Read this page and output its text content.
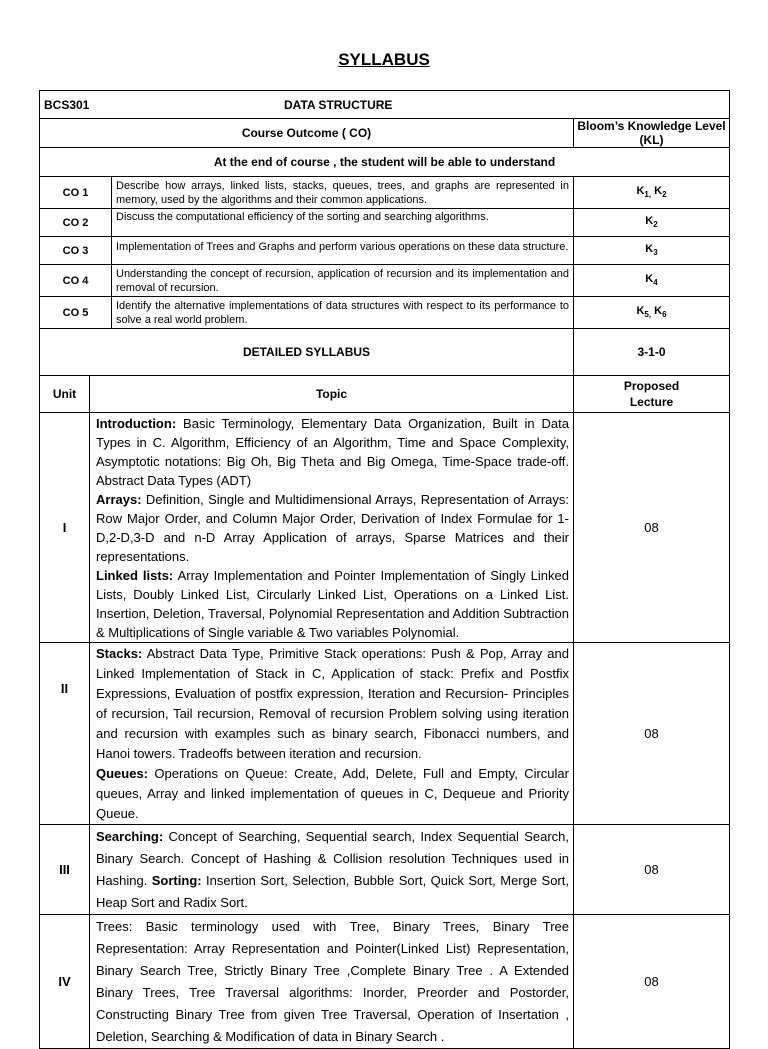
SYLLABUS
BCS301 DATA STRUCTURE			

Course Outcome ( CO)			Bloom’s Knowledge Level (KL)
At the end of course , the student will be able to understand			
CO 1		Describe how arrays, linked lists, stacks, queues, trees, and graphs are represented in memory, used by the algorithms and their common applications.	$K_{1,}$ $K_2$
CO 2		Discuss the computational efficiency of the sorting and searching algorithms.	$K_2$
CO 3		Implementation of Trees and Graphs and perform various operations on these data structure.	$K_3$
CO 4		Understanding the concept of recursion, application of recursion and its implementation and removal of recursion.	$K_4$
CO 5		Identify the alternative implementations of data structures with respect to its performance to solve a real world problem.	$K_{5,}$ $K_6$
DETAILED SYLLABUS			3-1-0
Unit	Topic		Proposed Lecture
I	Introduction: Basic Terminology, Elementary Data Organization, Built in Data Types in C. Algorithm, Efficiency of an Algorithm, Time and Space Complexity, Asymptotic notations: Big Oh, Big Theta and Big Omega, Time-Space trade-off. Abstract Data Types (ADT)
Arrays: Definition, Single and Multidimensional Arrays, Representation of Arrays: Row Major Order, and Column Major Order, Derivation of Index Formulae for 1-D,2-D,3-D and n-D Array Application of arrays, Sparse Matrices and their representations.
Linked lists: Array Implementation and Pointer Implementation of Singly Linked Lists, Doubly Linked List, Circularly Linked List, Operations on a Linked List. Insertion, Deletion, Traversal, Polynomial Representation and Addition Subtraction & Multiplications of Single variable & Two variables Polynomial.		08
II	Stacks: Abstract Data Type, Primitive Stack operations: Push & Pop, Array and Linked Implementation of Stack in C, Application of stack: Prefix and Postfix Expressions, Evaluation of postfix expression, Iteration and Recursion- Principles of recursion, Tail recursion, Removal of recursion Problem solving using iteration and recursion with examples such as binary search, Fibonacci numbers, and Hanoi towers. Tradeoffs between iteration and recursion.
Queues: Operations on Queue: Create, Add, Delete, Full and Empty, Circular queues, Array and linked implementation of queues in C, Dequeue and Priority Queue.		08
III	Searching: Concept of Searching, Sequential search, Index Sequential Search, Binary Search. Concept of Hashing & Collision resolution Techniques used in Hashing. Sorting: Insertion Sort, Selection, Bubble Sort, Quick Sort, Merge Sort, Heap Sort and Radix Sort.		08
IV	Trees: Basic terminology used with Tree, Binary Trees, Binary Tree Representation: Array Representation and Pointer(Linked List) Representation, Binary Search Tree, Strictly Binary Tree ,Complete Binary Tree . A Extended Binary Trees, Tree Traversal algorithms: Inorder, Preorder and Postorder, Constructing Binary Tree from given Tree Traversal, Operation of Insertation , Deletion, Searching & Modification of data in Binary Search .		08
